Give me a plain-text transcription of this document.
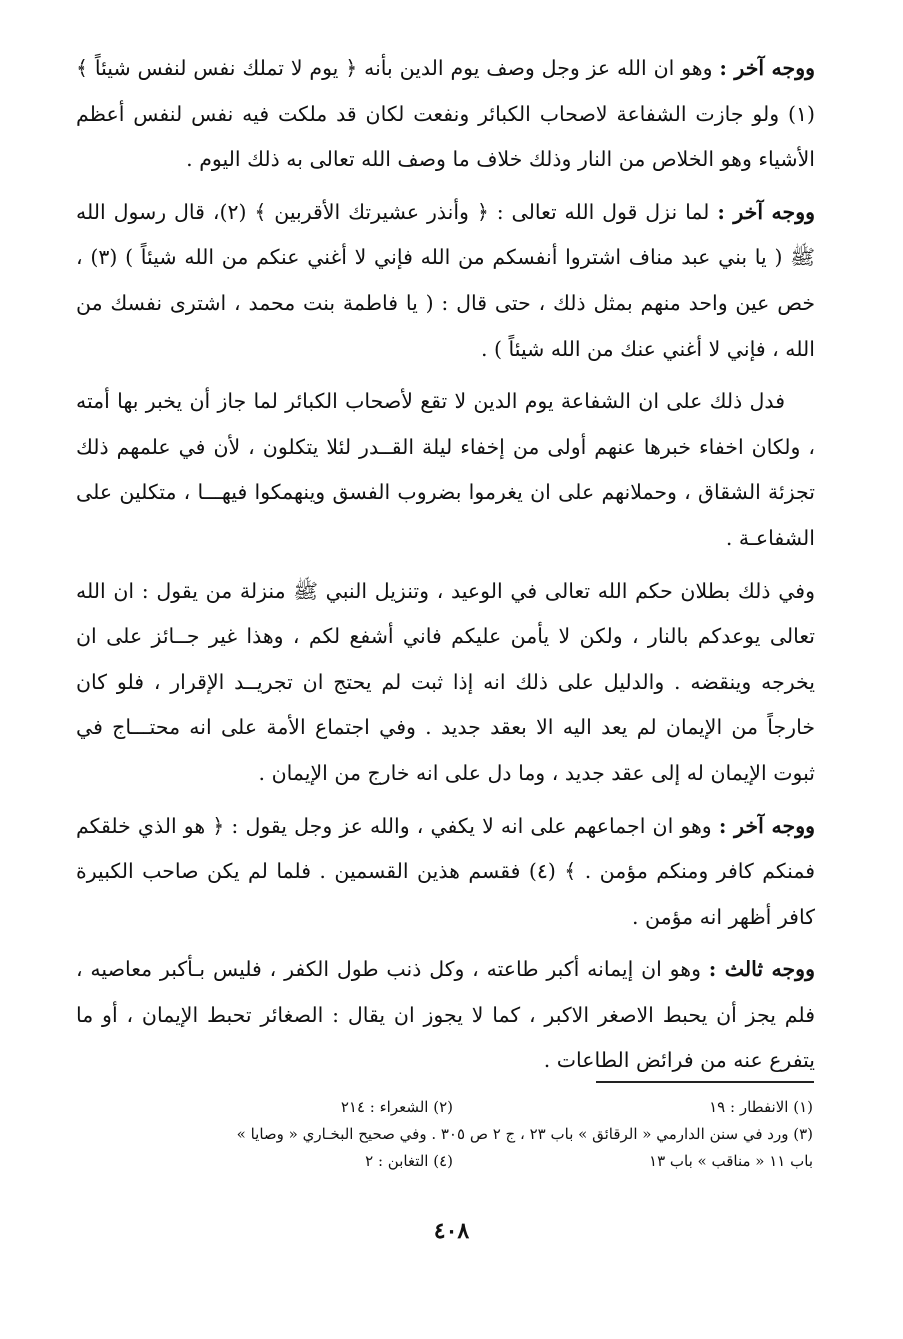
ووجه آخر : وهو ان الله عز وجل وصف يوم الدين بأنه ﴿ يوم لا تملك نفس لنفس شيئاً ﴾ (١) ولو جازت الشفاعة لاصحاب الكبائر ونفعت لكان قد ملكت فيه نفس لنفس أعظم الأشياء وهو الخلاص من النار وذلك خلاف ما وصف الله تعالى به ذلك اليوم .

ووجه آخر : لما نزل قول الله تعالى : ﴿ وأنذر عشيرتك الأقربين ﴾ (٢)، قال رسول الله ﷺ ( يا بني عبد مناف اشتروا أنفسكم من الله فإني لا أغني عنكم من الله شيئاً ) (٣) ، خص عين واحد منهم بمثل ذلك ، حتى قال : ( يا فاطمة بنت محمد ، اشترى نفسك من الله ، فإني لا أغني عنك من الله شيئاً ) .

فدل ذلك على ان الشفاعة يوم الدين لا تقع لأصحاب الكبائر لما جاز أن يخبر بها أمته ، ولكان اخفاء خبرها عنهم أولى من إخفاء ليلة القــدر لئلا يتكلون ، لأن في علمهم ذلك تجزئة الشقاق ، وحملانهم على ان يغرموا بضروب الفسق وينهمكوا فيهـــا ، متكلين على الشفاعـة .

وفي ذلك بطلان حكم الله تعالى في الوعيد ، وتنزيل النبي ﷺ منزلة من يقول : ان الله تعالى يوعدكم بالنار ، ولكن لا يأمن عليكم فاني أشفع لكم ، وهذا غير جــائز على ان يخرجه وينقضه . والدليل على ذلك انه إذا ثبت لم يحتج ان تجريــد الإقرار ، فلو كان خارجاً من الإيمان لم يعد اليه الا بعقد جديد . وفي اجتماع الأمة على انه محتـــاج في ثبوت الإيمان له إلى عقد جديد ، وما دل على انه خارج من الإيمان .

ووجه آخر : وهو ان اجماعهم على انه لا يكفي ، والله عز وجل يقول : ﴿ هو الذي خلقكم فمنكم كافر ومنكم مؤمن . ﴾ (٤) فقسم هذين القسمين . فلما لم يكن صاحب الكبيرة كافر أظهر انه مؤمن .

ووجه ثالث : وهو ان إيمانه أكبر طاعته ، وكل ذنب طول الكفر ، فليس بـأكبر معاصيه ، فلم يجز أن يحبط الاصغر الاكبر ، كما لا يجوز ان يقال : الصغائر تحبط الإيمان ، أو ما يتفرع عنه من فرائض الطاعات .

(١) الانفطار : ١٩
(٢) الشعراء : ٢١٤
(٣) ورد في سنن الدارمي « الرقائق » باب ٢٣ ، ج ٢ ص ٣٠٥ . وفي صحيح البخـاري « وصايا »
باب ١١ « مناقب » باب ١٣
(٤) التغابن : ٢
٤٠٨
